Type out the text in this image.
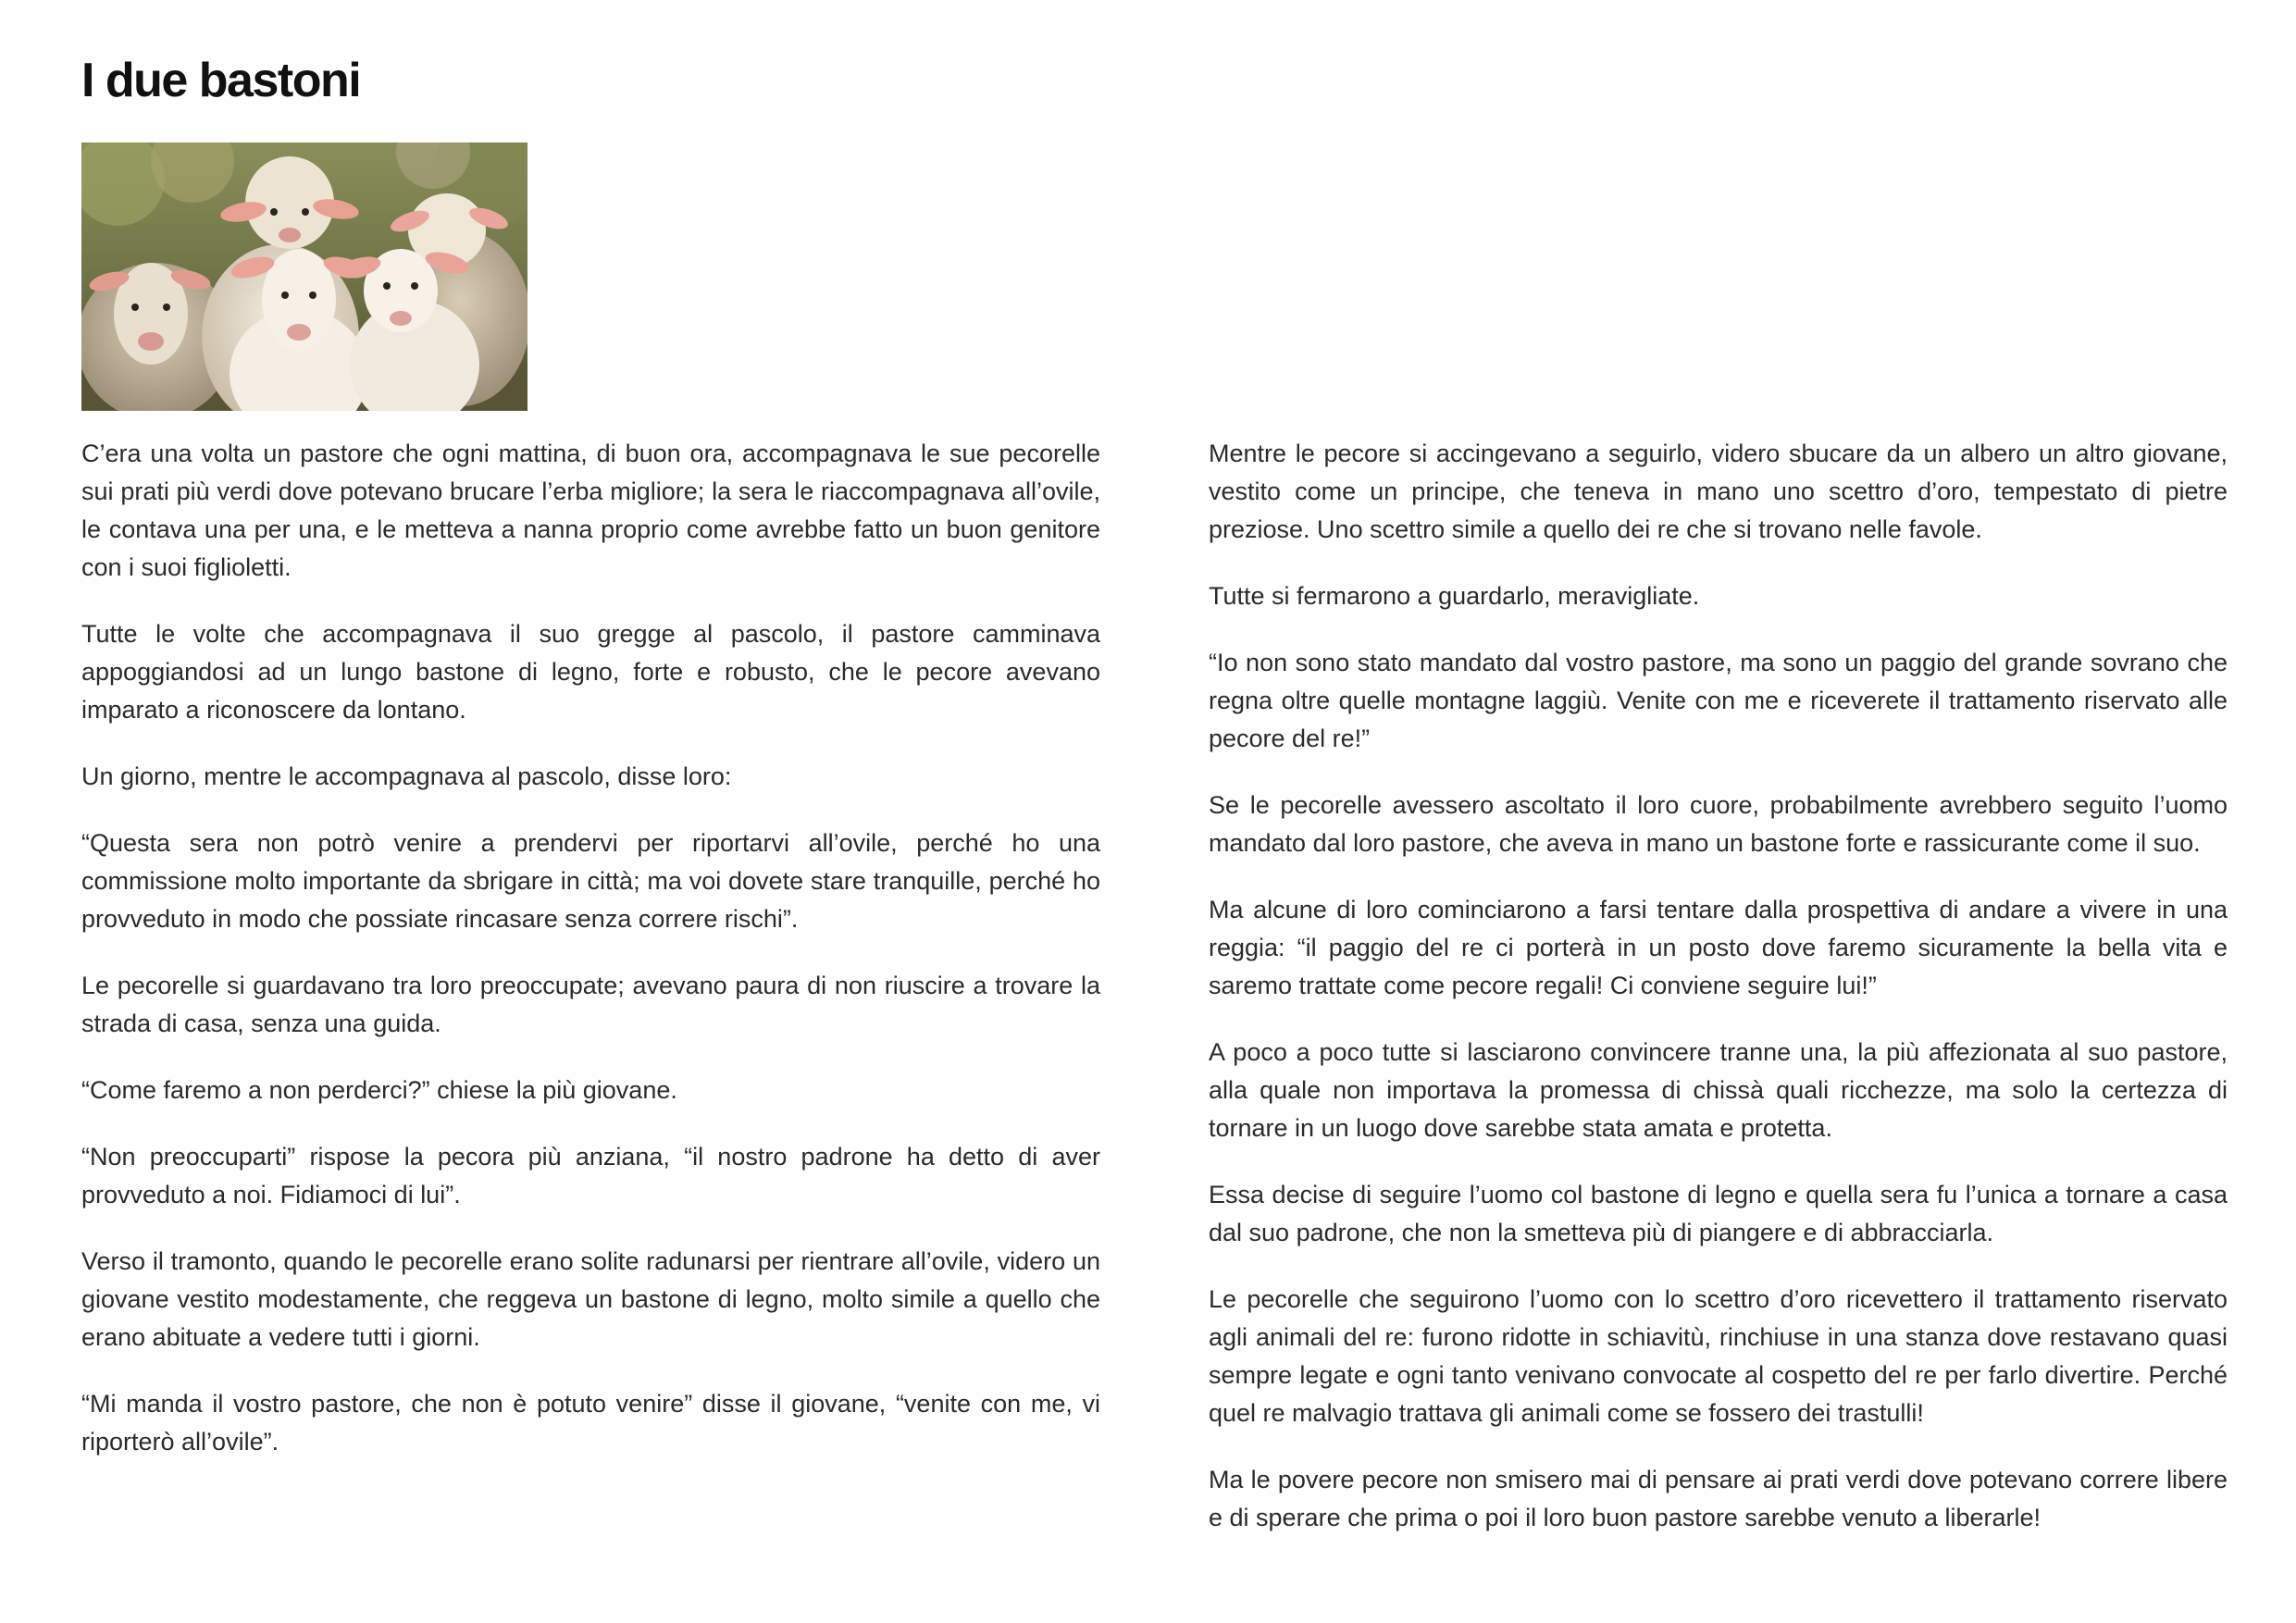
I due bastoni

C’era una volta un pastore che ogni mattina, di buon ora, accompagnava le sue pecorelle sui prati più verdi dove potevano brucare l’erba migliore; la sera le riaccompagnava all’ovile, le contava una per una, e le metteva a nanna proprio come avrebbe fatto un buon genitore con i suoi figlioletti.

Tutte le volte che accompagnava il suo gregge al pascolo, il pastore camminava appoggiandosi ad un lungo bastone di legno, forte e robusto, che le pecore avevano imparato a riconoscere da lontano.

Un giorno, mentre le accompagnava al pascolo, disse loro:

“Questa sera non potrò venire a prendervi per riportarvi all’ovile, perché ho una commissione molto importante da sbrigare in città; ma voi dovete stare tranquille, perché ho provveduto in modo che possiate rincasare senza correre rischi”.

Le pecorelle si guardavano tra loro preoccupate; avevano paura di non riuscire a trovare la strada di casa, senza una guida.

“Come faremo a non perderci?” chiese la più giovane.

“Non preoccuparti” rispose la pecora più anziana, “il nostro padrone ha detto di aver provveduto a noi. Fidiamoci di lui”.

Verso il tramonto, quando le pecorelle erano solite radunarsi per rientrare all’ovile, videro un giovane vestito modestamente, che reggeva un bastone di legno, molto simile a quello che erano abituate a vedere tutti i giorni.

“Mi manda il vostro pastore, che non è potuto venire” disse il giovane, “venite con me, vi riporterò all’ovile”.

Mentre le pecore si accingevano a seguirlo, videro sbucare da un albero un altro giovane, vestito come un principe, che teneva in mano uno scettro d’oro, tempestato di pietre preziose. Uno scettro simile a quello dei re che si trovano nelle favole.

Tutte si fermarono a guardarlo, meravigliate.

“Io non sono stato mandato dal vostro pastore, ma sono un paggio del grande sovrano che regna oltre quelle montagne laggiù. Venite con me e riceverete il trattamento riservato alle pecore del re!”

Se le pecorelle avessero ascoltato il loro cuore, probabilmente avrebbero seguito l’uomo mandato dal loro pastore, che aveva in mano un bastone forte e rassicurante come il suo.

Ma alcune di loro cominciarono a farsi tentare dalla prospettiva di andare a vivere in una reggia: “il paggio del re ci porterà in un posto dove faremo sicuramente la bella vita e saremo trattate come pecore regali! Ci conviene seguire lui!”

A poco a poco tutte si lasciarono convincere tranne una, la più affezionata al suo pastore, alla quale non importava la promessa di chissà quali ricchezze, ma solo la certezza di tornare in un luogo dove sarebbe stata amata e protetta.

Essa decise di seguire l’uomo col bastone di legno e quella sera fu l’unica a tornare a casa dal suo padrone, che non la smetteva più di piangere e di abbracciarla.

Le pecorelle che seguirono l’uomo con lo scettro d’oro ricevettero il trattamento riservato agli animali del re: furono ridotte in schiavitù, rinchiuse in una stanza dove restavano quasi sempre legate e ogni tanto venivano convocate al cospetto del re per farlo divertire. Perché quel re malvagio trattava gli animali come se fossero dei trastulli!

Ma le povere pecore non smisero mai di pensare ai prati verdi dove potevano correre libere e di sperare che prima o poi il loro buon pastore sarebbe venuto a liberarle!
